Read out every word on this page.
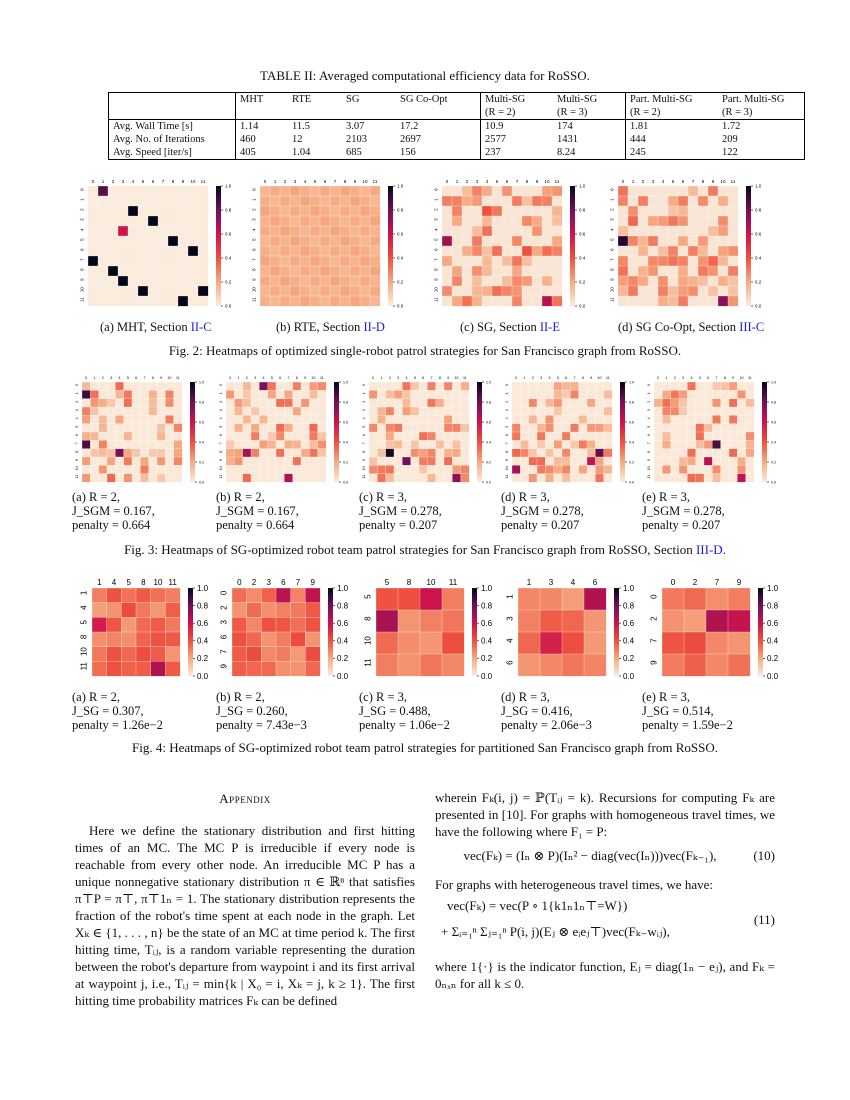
TABLE II: Averaged computational efficiency data for RoSSO.
	MHT	RTE	SG	SG Co-Opt	Multi-SG	Multi-SG	Part. Multi-SG	Part. Multi-SG
					(R = 2)	(R = 3)	(R = 2)	(R = 3)
Avg. Wall Time [s]	1.14	11.5	3.07	17.2	10.9	174	1.81	1.72
Avg. No. of Iterations	460	12	2103	2697	2577	1431	444	209
Avg. Speed [iter/s]	405	1.04	685	156	237	8.24	245	122
0 1 2 3 4 5 6 7 8 9 10 11
0
1
2
3
4
5
6
7
8
9
10
11
1.0
0.8
0.6
0.4
0.2
0.0
0 1 2 3 4 5 6 7 8 9 10 11
0
1
2
3
4
5
6
7
8
9
10
11
1.0
0.8
0.6
0.4
0.2
0.0
0 1 2 3 4 5 6 7 8 9 10 11
0
1
2
3
4
5
6
7
8
9
10
11
1.0
0.8
0.6
0.4
0.2
0.0
0 1 2 3 4 5 6 7 8 9 10 11
0
1
2
3
4
5
6
7
8
9
10
11
1.0
0.8
0.6
0.4
0.2
0.0
(a) MHT, Section II-C	(b) RTE, Section II-D	(c) SG, Section II-E	(d) SG Co-Opt, Section III-C
Fig. 2: Heatmaps of optimized single-robot patrol strategies for San Francisco graph from RoSSO.
0 1 2 3 4 5 6 7 8 9 10 11
0
1
2
3
4
5
6
7
8
9
10
11
1.0
0.8
0.6
0.4
0.2
0.0
0 1 2 3 4 5 6 7 8 9 10 11
0
1
2
3
4
5
6
7
8
9
10
11
1.0
0.8
0.6
0.4
0.2
0.0
0 1 2 3 4 5 6 7 8 9 10 11
0
1
2
3
4
5
6
7
8
9
10
11
1.0
0.8
0.6
0.4
0.2
0.0
0 1 2 3 4 5 6 7 8 9 10 11
0
1
2
3
4
5
6
7
8
9
10
11
1.0
0.8
0.6
0.4
0.2
0.0
0 1 2 3 4 5 6 7 8 9 10 11
0
1
2
3
4
5
6
7
8
9
10
11
1.0
0.8
0.6
0.4
0.2
0.0
(a) R = 2,
J_SGM = 0.167,
penalty = 0.664
(b) R = 2,
J_SGM = 0.167,
penalty = 0.664
(c) R = 3,
J_SGM = 0.278,
penalty = 0.207
(d) R = 3,
J_SGM = 0.278,
penalty = 0.207
(e) R = 3,
J_SGM = 0.278,
penalty = 0.207
Fig. 3: Heatmaps of SG-optimized robot team patrol strategies for San Francisco graph from RoSSO, Section III-D.
1 4 5 8 10 11
1
4
5
8
10
11
1.0
0.8
0.6
0.4
0.2
0.0
0 2 3 6 7 9
0
2
3
6
7
9
1.0
0.8
0.6
0.4
0.2
0.0
5 8 10 11
5
8
10
11
1.0
0.8
0.6
0.4
0.2
0.0
1 3 4 6
1
3
4
6
1.0
0.8
0.6
0.4
0.2
0.0
0 2 7 9
0
2
7
9
1.0
0.8
0.6
0.4
0.2
0.0
(a) R = 2,
J_SG = 0.307,
penalty = 1.26e−2
(b) R = 2,
J_SG = 0.260,
penalty = 7.43e−3
(c) R = 3,
J_SG = 0.488,
penalty = 1.06e−2
(d) R = 3,
J_SG = 0.416,
penalty = 2.06e−3
(e) R = 3,
J_SG = 0.514,
penalty = 1.59e−2
Fig. 4: Heatmaps of SG-optimized robot team patrol strategies for partitioned San Francisco graph from RoSSO.
Appendix
Here we define the stationary distribution and first hitting times of an MC. The MC P is irreducible if every node is reachable from every other node. An irreducible MC P has a unique nonnegative stationary distribution π ∈ ℝⁿ that satisfies π⊤P = π⊤, π⊤1ₙ = 1. The stationary distribution represents the fraction of the robot's time spent at each node in the graph. Let Xₖ ∈ {1, . . . , n} be the state of an MC at time period k. The first hitting time, Tᵢⱼ, is a random variable representing the duration between the robot's departure from waypoint i and its first arrival at waypoint j, i.e., Tᵢⱼ = min{k | X₀ = i, Xₖ = j, k ≥ 1}. The first hitting time probability matrices Fₖ can be defined
wherein Fₖ(i, j) = ℙ(Tᵢⱼ = k). Recursions for computing Fₖ are presented in [10]. For graphs with homogeneous travel times, we have the following where F₁ = P:
vec(Fₖ) = (Iₙ ⊗ P)(Iₙ² − diag(vec(Iₙ)))vec(Fₖ₋₁),	(10)
For graphs with heterogeneous travel times, we have:
vec(Fₖ) = vec(P ∘ 1{k1ₙ1ₙ⊤=W})
+ Σᵢ₌₁ⁿ Σⱼ₌₁ⁿ P(i, j)(Eⱼ ⊗ eᵢeⱼ⊤)vec(Fₖ₋wᵢⱼ),
(11)
where 1{·} is the indicator function, Eⱼ = diag(1ₙ − eⱼ), and Fₖ = 0ₙₓₙ for all k ≤ 0.
